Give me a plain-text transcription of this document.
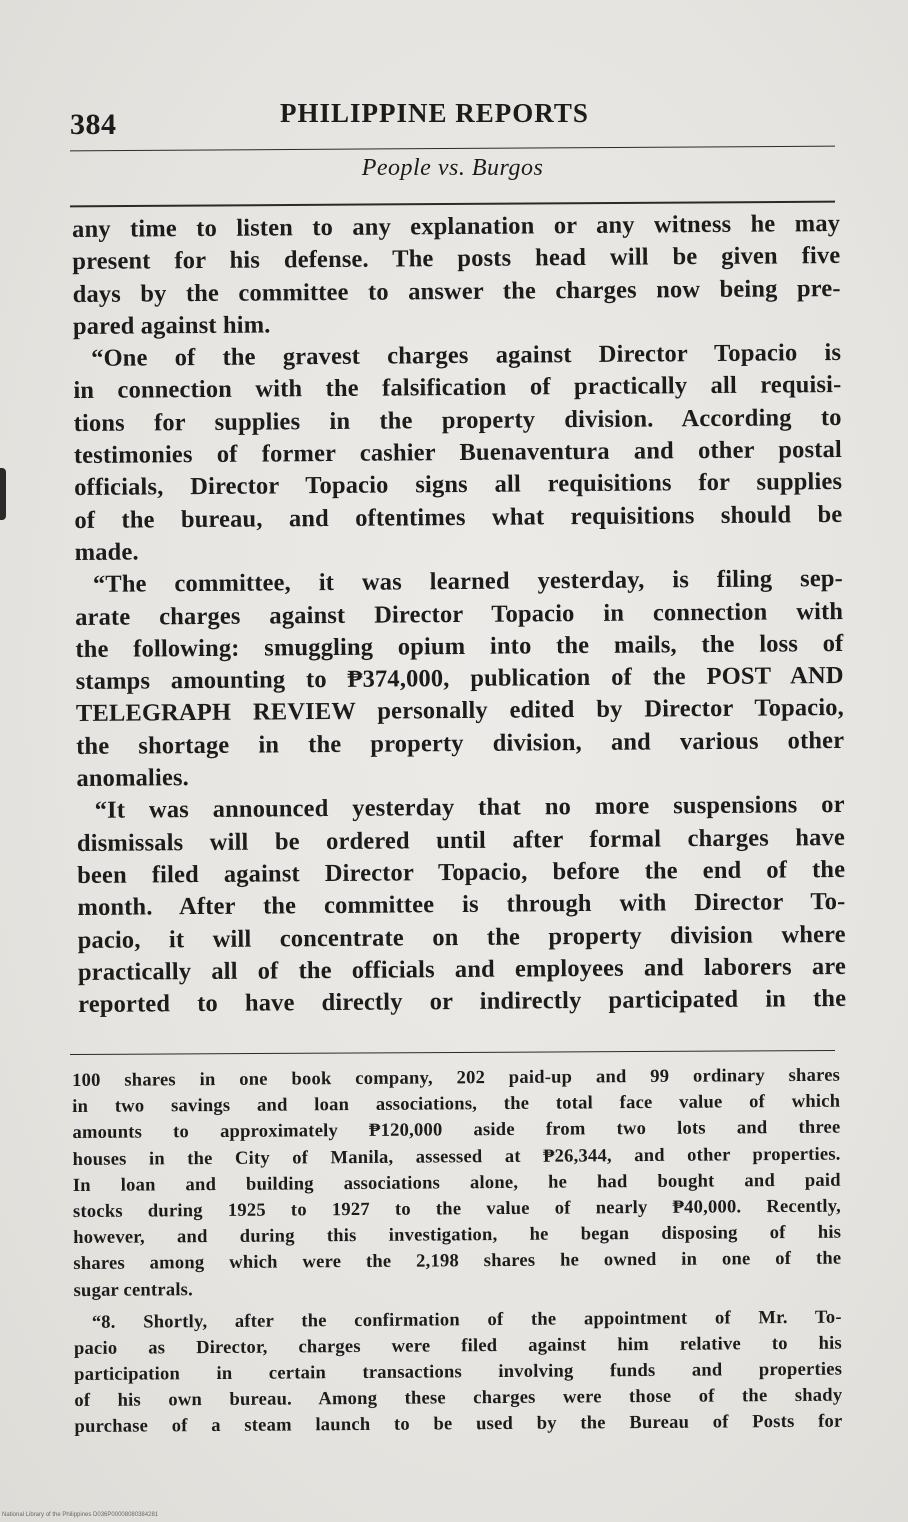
384	PHILIPPINE REPORTS
People vs. Burgos
any time to listen to any explanation or any witness he may
present for his defense. The posts head will be given five
days by the committee to answer the charges now being pre-
pared against him.
“One of the gravest charges against Director Topacio is
in connection with the falsification of practically all requisi-
tions for supplies in the property division. According to
testimonies of former cashier Buenaventura and other postal
officials, Director Topacio signs all requisitions for supplies
of the bureau, and oftentimes what requisitions should be
made.
“The committee, it was learned yesterday, is filing sep-
arate charges against Director Topacio in connection with
the following: smuggling opium into the mails, the loss of
stamps amounting to ₱374,000, publication of the POST AND
TELEGRAPH REVIEW personally edited by Director Topacio,
the shortage in the property division, and various other
anomalies.
“It was announced yesterday that no more suspensions or
dismissals will be ordered until after formal charges have
been filed against Director Topacio, before the end of the
month. After the committee is through with Director To-
pacio, it will concentrate on the property division where
practically all of the officials and employees and laborers are
reported to have directly or indirectly participated in the
100 shares in one book company, 202 paid-up and 99 ordinary shares
in two savings and loan associations, the total face value of which
amounts to approximately ₱120,000 aside from two lots and three
houses in the City of Manila, assessed at ₱26,344, and other properties.
In loan and building associations alone, he had bought and paid
stocks during 1925 to 1927 to the value of nearly ₱40,000. Recently,
however, and during this investigation, he began disposing of his
shares among which were the 2,198 shares he owned in one of the
sugar centrals.
“8. Shortly, after the confirmation of the appointment of Mr. To-
pacio as Director, charges were filed against him relative to his
participation in certain transactions involving funds and properties
of his own bureau. Among these charges were those of the shady
purchase of a steam launch to be used by the Bureau of Posts for
National Library of the Philippines D036P00008080384281
